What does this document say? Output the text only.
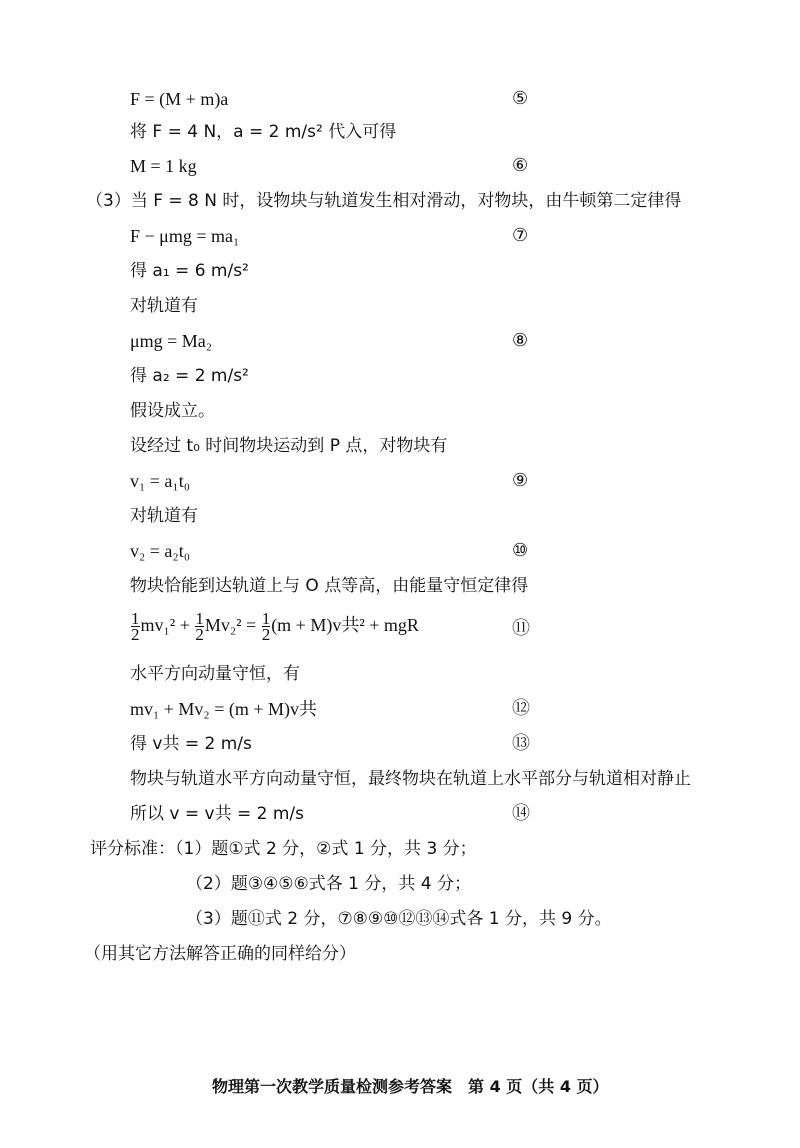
F = (M + m)a	⑤
将 F = 4 N，a = 2 m/s² 代入可得
M = 1 kg	⑥
（3）当 F = 8 N 时，设物块与轨道发生相对滑动，对物块，由牛顿第二定律得
F − μmg = ma₁	⑦
得 a₁ = 6 m/s²
对轨道有
μmg = Ma₂	⑧
得 a₂ = 2 m/s²
假设成立。
设经过 t₀ 时间物块运动到 P 点，对物块有
v₁ = a₁t₀	⑨
对轨道有
v₂ = a₂t₀	⑩
物块恰能到达轨道上与 O 点等高，由能量守恒定律得
$\frac{1}{2} mv_1^2 + \frac{1}{2} Mv_2^2 = \frac{1}{2} (m + M)v$共² + mgR	⑪
水平方向动量守恒，有
mv₁ + Mv₂ = (m + M)v共	⑫
得 v共 = 2 m/s	⑬
物块与轨道水平方向动量守恒，最终物块在轨道上水平部分与轨道相对静止
所以 v = v共 = 2 m/s	⑭
评分标准：（1）题①式 2 分，②式 1 分，共 3 分；
（2）题③④⑤⑥式各 1 分，共 4 分；
（3）题⑪式 2 分，⑦⑧⑨⑩⑫⑬⑭式各 1 分，共 9 分。
（用其它方法解答正确的同样给分）
物理第一次教学质量检测参考答案　第 4 页（共 4 页）
